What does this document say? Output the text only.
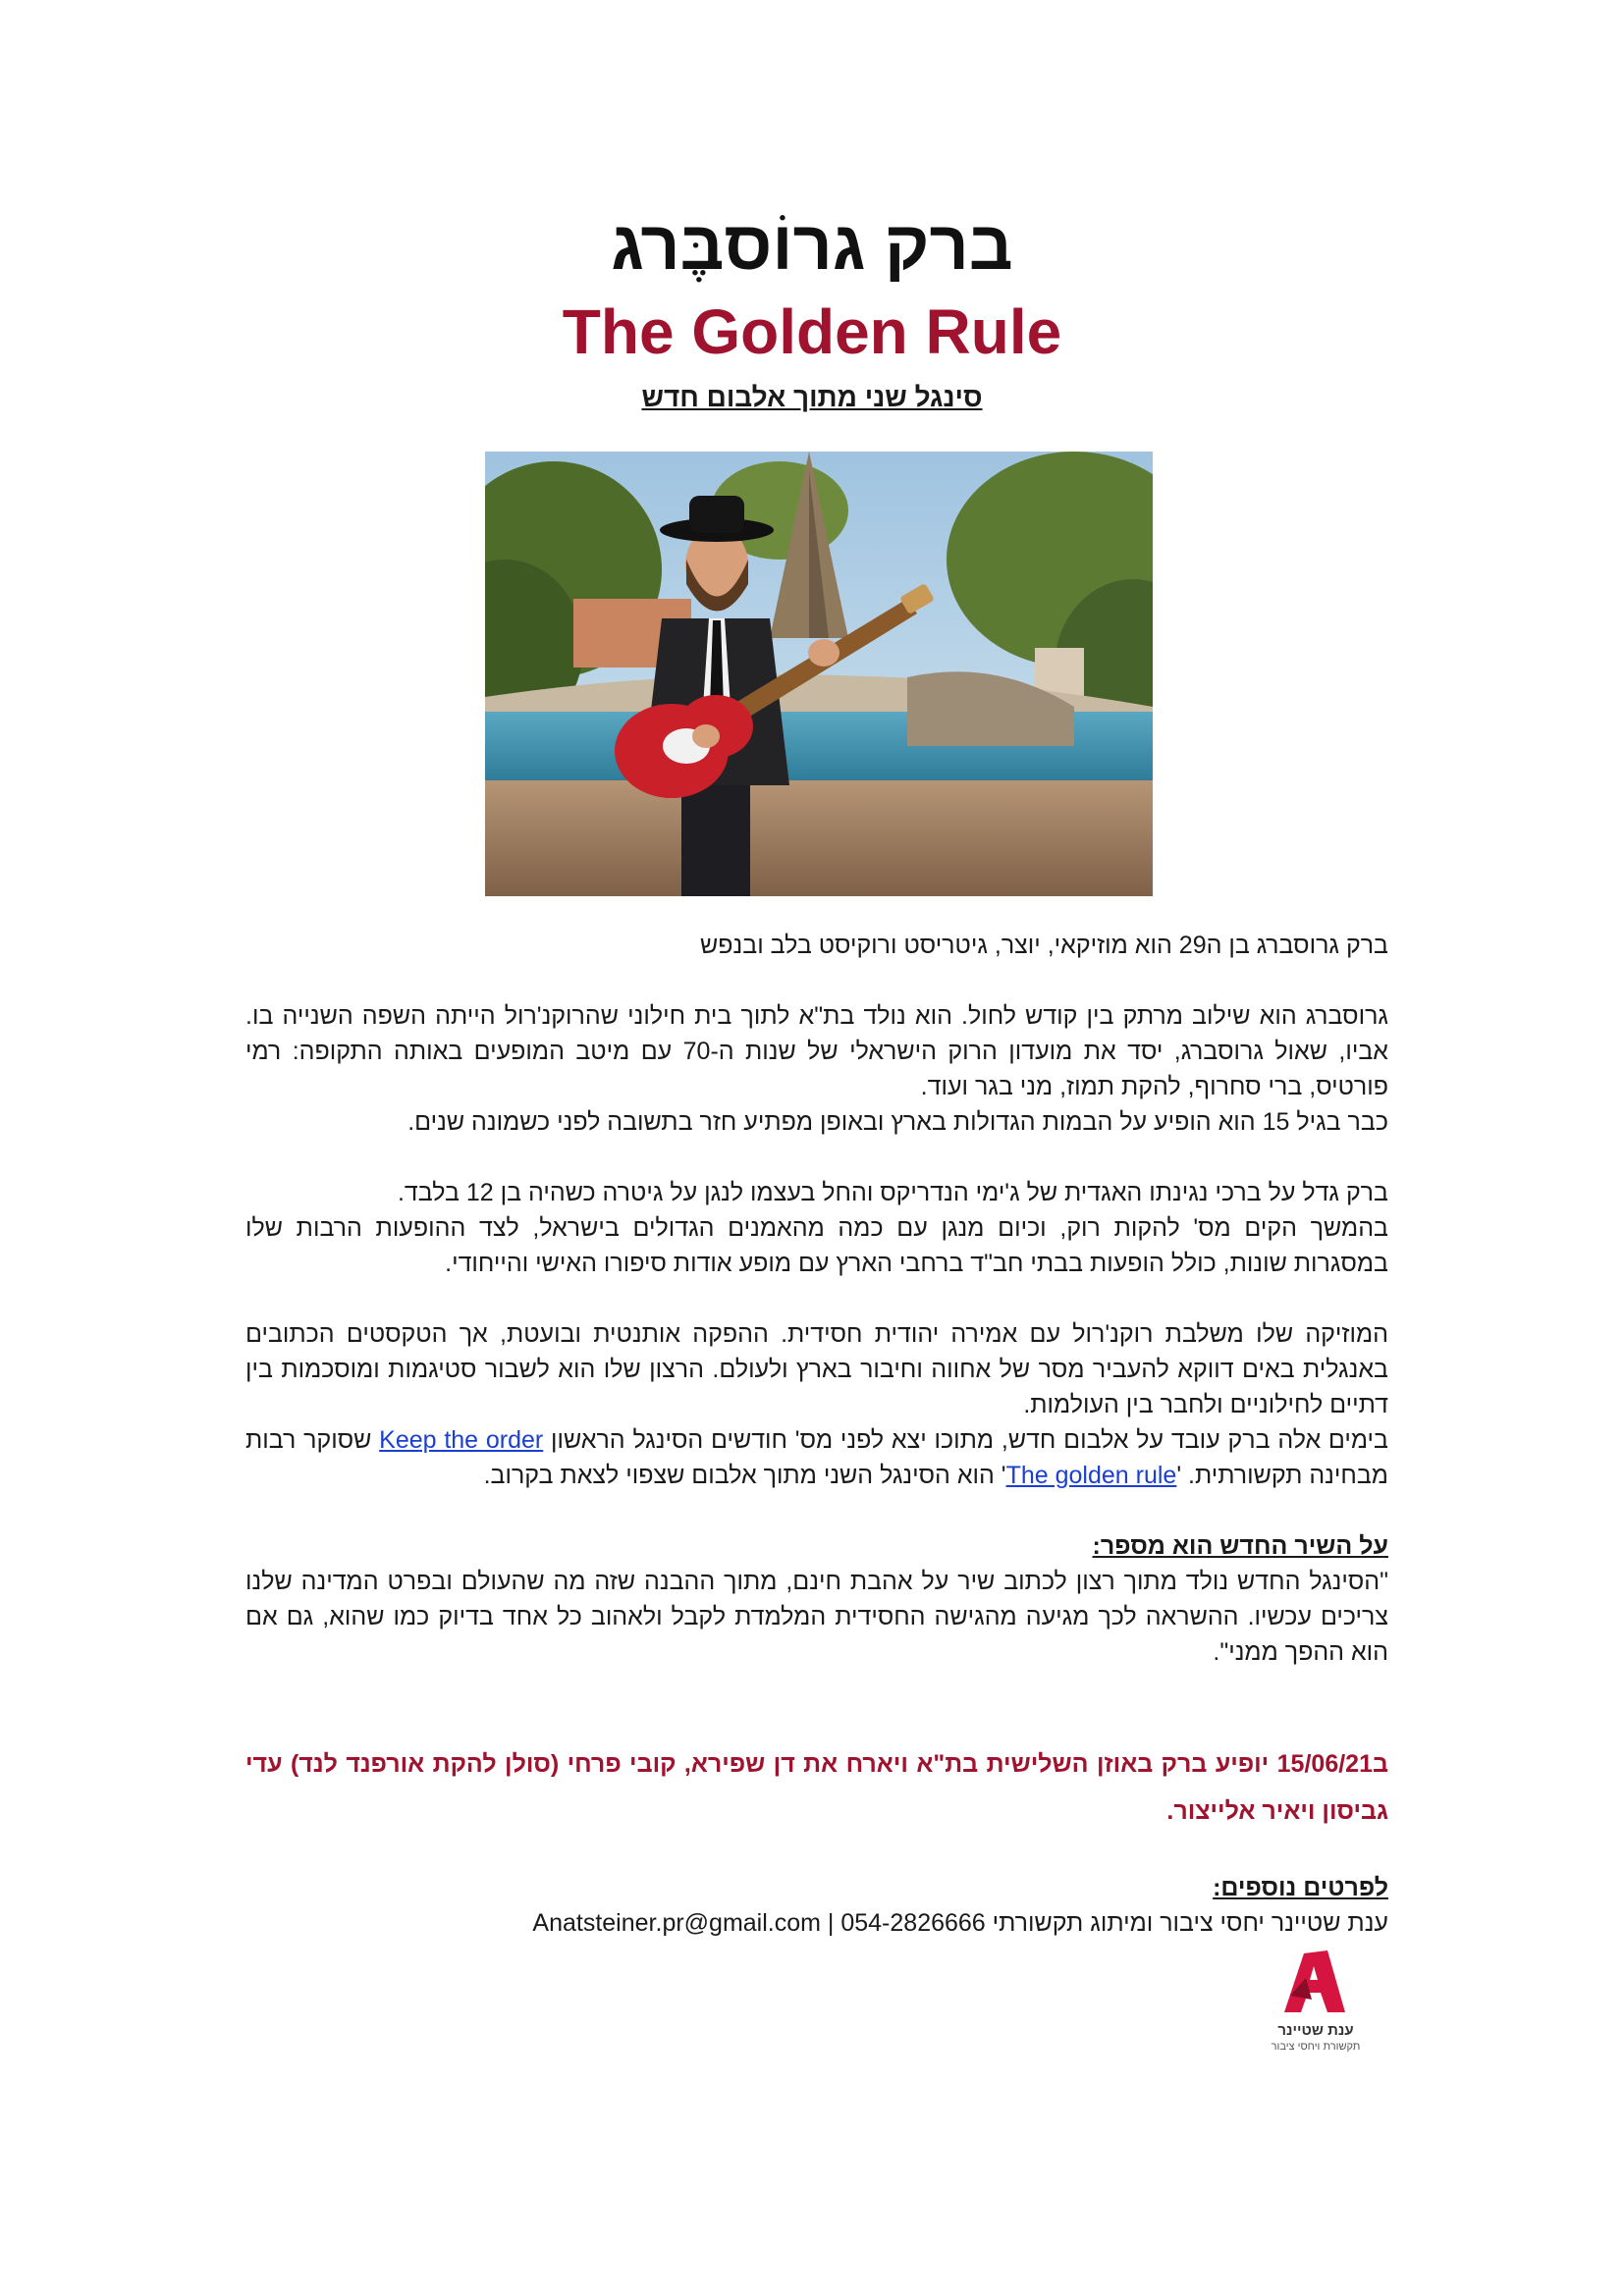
ברק גרוֹסבֶּרג
The Golden Rule
סינגל שני מתוך אלבום חדש

ברק גרוסברג בן ה29 הוא מוזיקאי, יוצר, גיטריסט ורוקיסט בלב ובנפש

גרוסברג הוא שילוב מרתק בין קודש לחול. הוא נולד בת"א לתוך בית חילוני שהרוקנ'רול הייתה השפה השנייה בו. אביו, שאול גרוסברג, יסד את מועדון הרוק הישראלי של שנות ה-70 עם מיטב המופעים באותה התקופה: רמי פורטיס, ברי סחרוף, להקת תמוז, מני בגר ועוד.

כבר בגיל 15 הוא הופיע על הבמות הגדולות בארץ ובאופן מפתיע חזר בתשובה לפני כשמונה שנים.

ברק גדל על ברכי נגינתו האגדית של ג'ימי הנדריקס והחל בעצמו לנגן על גיטרה כשהיה בן 12 בלבד.

בהמשך הקים מס' להקות רוק, וכיום מנגן עם כמה מהאמנים הגדולים בישראל, לצד ההופעות הרבות שלו במסגרות שונות, כולל הופעות בבתי חב"ד ברחבי הארץ עם מופע אודות סיפורו האישי והייחודי.

המוזיקה שלו משלבת רוקנ'רול עם אמירה יהודית חסידית. ההפקה אותנטית ובועטת, אך הטקסטים הכתובים באנגלית באים דווקא להעביר מסר של אחווה וחיבור בארץ ולעולם. הרצון שלו הוא לשבור סטיגמות ומוסכמות בין דתיים לחילוניים ולחבר בין העולמות.

בימים אלה ברק עובד על אלבום חדש, מתוכו יצא לפני מס' חודשים הסינגל הראשון Keep the order שסוקר רבות מבחינה תקשורתית. 'The golden rule' הוא הסינגל השני מתוך אלבום שצפוי לצאת בקרוב.

על השיר החדש הוא מספר:

"הסינגל החדש נולד מתוך רצון לכתוב שיר על אהבת חינם, מתוך ההבנה שזה מה שהעולם ובפרט המדינה שלנו צריכים עכשיו. ההשראה לכך מגיעה מהגישה החסידית המלמדת לקבל ולאהוב כל אחד בדיוק כמו שהוא, גם אם הוא ההפך ממני".

ב15/06/21 יופיע ברק באוזן השלישית בת"א ויארח את דן שפירא, קובי פרחי (סולן להקת אורפנד לנד) עדי גביסון ויאיר אלייצור.

לפרטים נוספים:

ענת שטיינר יחסי ציבור ומיתוג תקשורתי Anatsteiner.pr@gmail.com | 054-2826666

ענת שטיינר
תקשורת ויחסי ציבור
